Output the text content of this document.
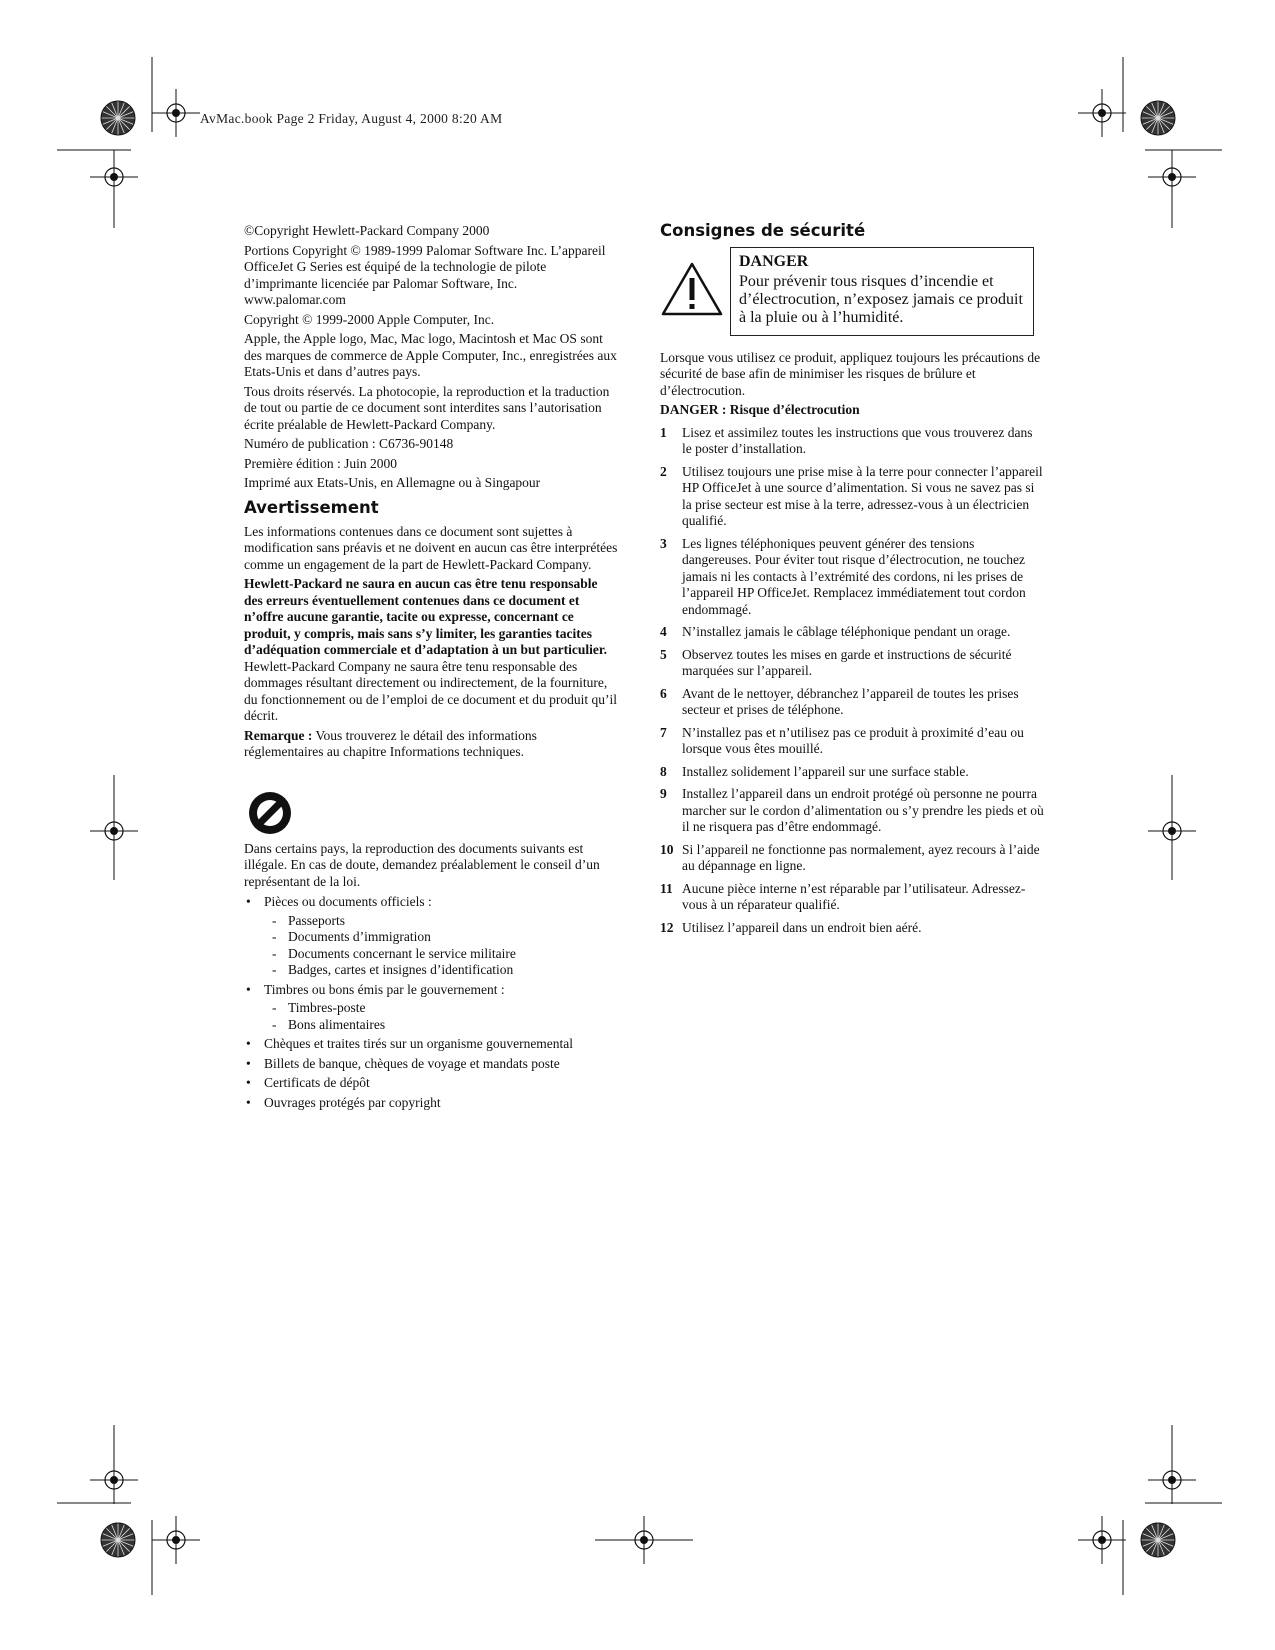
AvMac.book Page 2 Friday, August 4, 2000 8:20 AM

©Copyright Hewlett-Packard Company 2000

Portions Copyright © 1989-1999 Palomar Software Inc. L’appareil OfficeJet G Series est équipé de la technologie de pilote d’imprimante licenciée par Palomar Software, Inc. www.palomar.com

Copyright © 1999-2000 Apple Computer, Inc.

Apple, the Apple logo, Mac, Mac logo, Macintosh et Mac OS sont des marques de commerce de Apple Computer, Inc., enregistrées aux Etats-Unis et dans d’autres pays.

Tous droits réservés. La photocopie, la reproduction et la traduction de tout ou partie de ce document sont interdites sans l’autorisation écrite préalable de Hewlett-Packard Company.

Numéro de publication : C6736-90148

Première édition : Juin 2000

Imprimé aux Etats-Unis, en Allemagne ou à Singapour

Avertissement

Les informations contenues dans ce document sont sujettes à modification sans préavis et ne doivent en aucun cas être interprétées comme un engagement de la part de Hewlett-Packard Company.

Hewlett-Packard ne saura en aucun cas être tenu responsable des erreurs éventuellement contenues dans ce document et n’offre aucune garantie, tacite ou expresse, concernant ce produit, y compris, mais sans s’y limiter, les garanties tacites d’adéquation commerciale et d’adaptation à un but particulier. Hewlett-Packard Company ne saura être tenu responsable des dommages résultant directement ou indirectement, de la fourniture, du fonctionnement ou de l’emploi de ce document et du produit qu’il décrit.

Remarque : Vous trouverez le détail des informations réglementaires au chapitre Informations techniques.

Dans certains pays, la reproduction des documents suivants est illégale. En cas de doute, demandez préalablement le conseil d’un représentant de la loi.

• Pièces ou documents officiels :
- Passeports
- Documents d’immigration
- Documents concernant le service militaire
- Badges, cartes et insignes d’identification
• Timbres ou bons émis par le gouvernement :
- Timbres-poste
- Bons alimentaires
• Chèques et traites tirés sur un organisme gouvernemental
• Billets de banque, chèques de voyage et mandats poste
• Certificats de dépôt
• Ouvrages protégés par copyright
Consignes de sécurité
DANGER
Pour prévenir tous risques d’incendie et d’électrocution, n’exposez jamais ce produit à la pluie ou à l’humidité.

Lorsque vous utilisez ce produit, appliquez toujours les précautions de sécurité de base afin de minimiser les risques de brûlure et d’électrocution.

DANGER : Risque d’électrocution

1	Lisez et assimilez toutes les instructions que vous trouverez dans le poster d’installation.
2	Utilisez toujours une prise mise à la terre pour connecter l’appareil HP OfficeJet à une source d’alimentation. Si vous ne savez pas si la prise secteur est mise à la terre, adressez-vous à un électricien qualifié.
3	Les lignes téléphoniques peuvent générer des tensions dangereuses. Pour éviter tout risque d’électrocution, ne touchez jamais ni les contacts à l’extrémité des cordons, ni les prises de l’appareil HP OfficeJet. Remplacez immédiatement tout cordon endommagé.
4	N’installez jamais le câblage téléphonique pendant un orage.
5	Observez toutes les mises en garde et instructions de sécurité marquées sur l’appareil.
6	Avant de le nettoyer, débranchez l’appareil de toutes les prises secteur et prises de téléphone.
7	N’installez pas et n’utilisez pas ce produit à proximité d’eau ou lorsque vous êtes mouillé.
8	Installez solidement l’appareil sur une surface stable.
9	Installez l’appareil dans un endroit protégé où personne ne pourra marcher sur le cordon d’alimentation ou s’y prendre les pieds et où il ne risquera pas d’être endommagé.
10 Si l’appareil ne fonctionne pas normalement, ayez recours à l’aide au dépannage en ligne.
11 Aucune pièce interne n’est réparable par l’utilisateur. Adressez-vous à un réparateur qualifié.
12 Utilisez l’appareil dans un endroit bien aéré.
